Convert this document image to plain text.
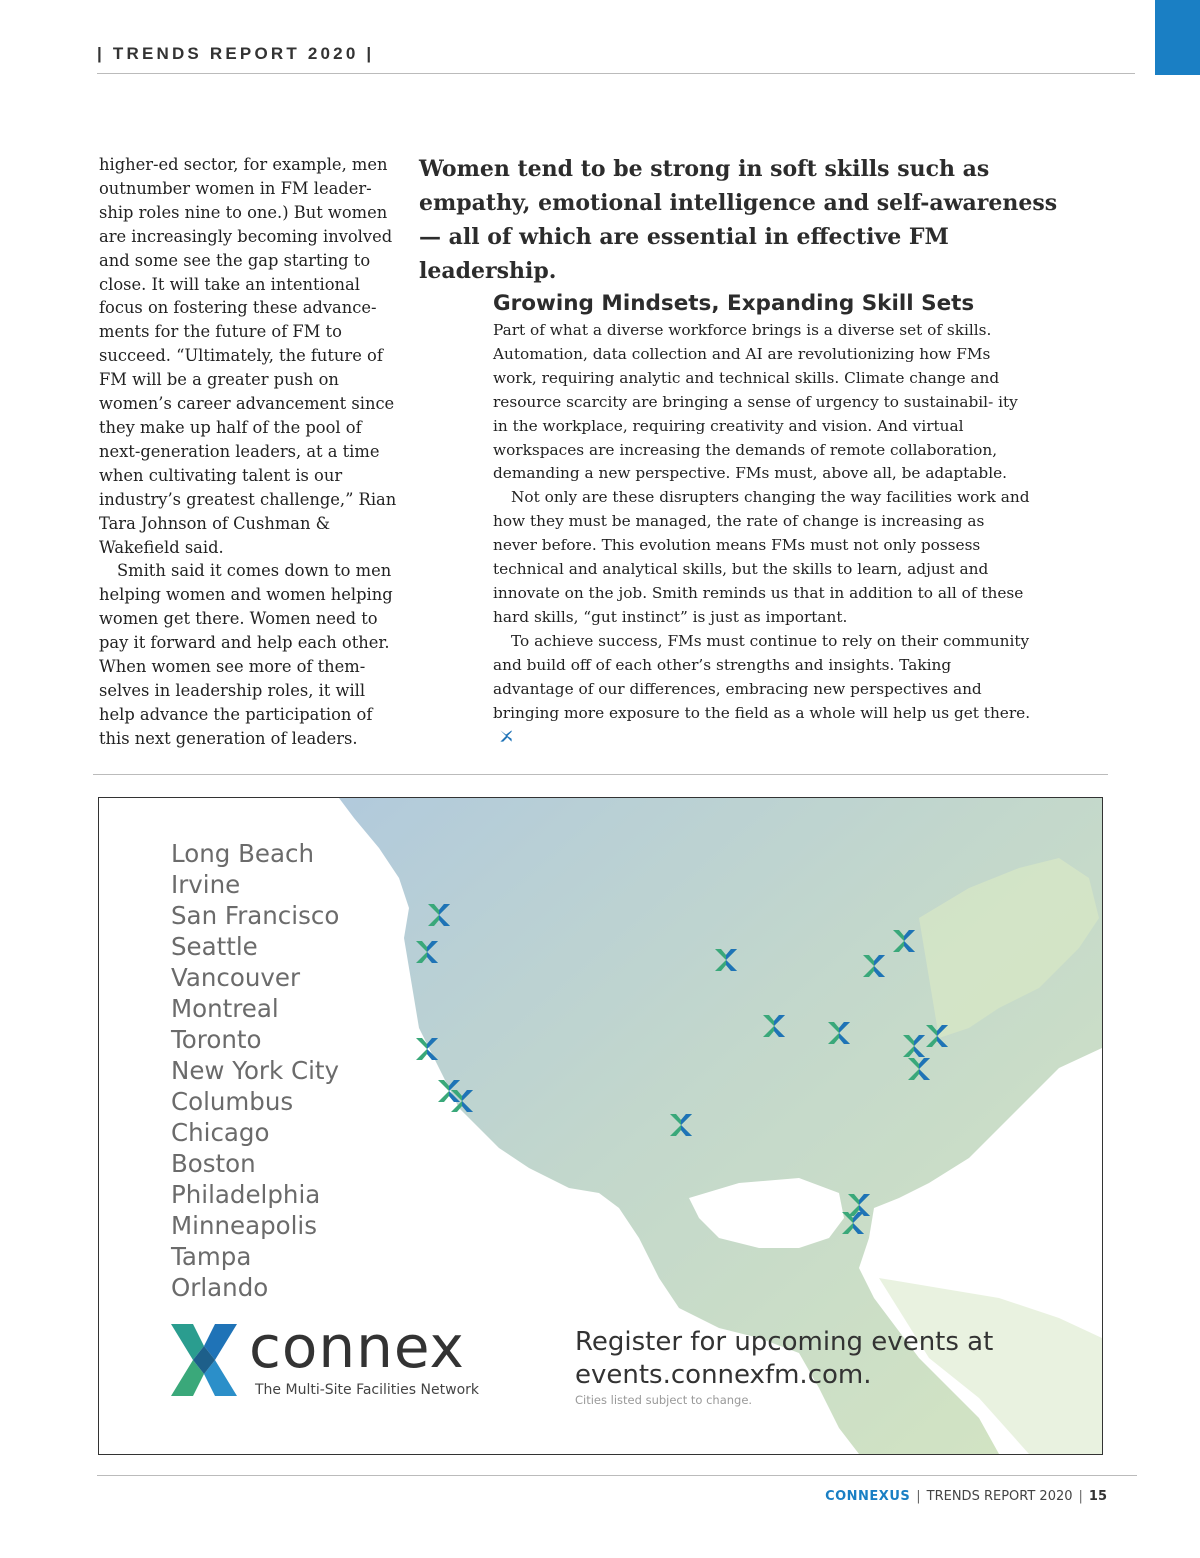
| TRENDS REPORT 2020 |

higher-ed sector, for example, men outnumber women in FM leader- ship roles nine to one.) But women are increasingly becoming involved and some see the gap starting to close. It will take an intentional focus on fostering these advance- ments for the future of FM to succeed. “Ultimately, the future of FM will be a greater push on women’s career advancement since they make up half of the pool of next-generation leaders, at a time when cultivating talent is our industry’s greatest challenge,” Rian Tara Johnson of Cushman & Wakefield said.

Smith said it comes down to men helping women and women helping women get there. Women need to pay it forward and help each other. When women see more of them- selves in leadership roles, it will help advance the participation of this next generation of leaders.

Women tend to be strong in soft skills such as empathy, emotional intelligence and self-awareness — all of which are essential in effective FM leadership.
Growing Mindsets, Expanding Skill Sets

Part of what a diverse workforce brings is a diverse set of skills. Automation, data collection and AI are revolutionizing how FMs work, requiring analytic and technical skills. Climate change and resource scarcity are bringing a sense of urgency to sustainabil- ity in the workplace, requiring creativity and vision. And virtual workspaces are increasing the demands of remote collaboration, demanding a new perspective. FMs must, above all, be adaptable.

Not only are these disrupters changing the way facilities work and how they must be managed, the rate of change is increasing as never before. This evolution means FMs must not only possess technical and analytical skills, but the skills to learn, adjust and innovate on the job. Smith reminds us that in addition to all of these hard skills, “gut instinct” is just as important.

To achieve success, FMs must continue to rely on their community and build off of each other’s strengths and insights. Taking advantage of our differences, embracing new perspectives and bringing more exposure to the field as a whole will help us get there.

Long Beach
Irvine
San Francisco
Seattle
Vancouver
Montreal
Toronto
New York City
Columbus
Chicago
Boston
Philadelphia
Minneapolis
Tampa
Orlando
connex
The Multi-Site Facilities Network
Register for upcoming events at
events.connexfm.com.
Cities listed subject to change.
CONNEXUS | TRENDS REPORT 2020 | 15
